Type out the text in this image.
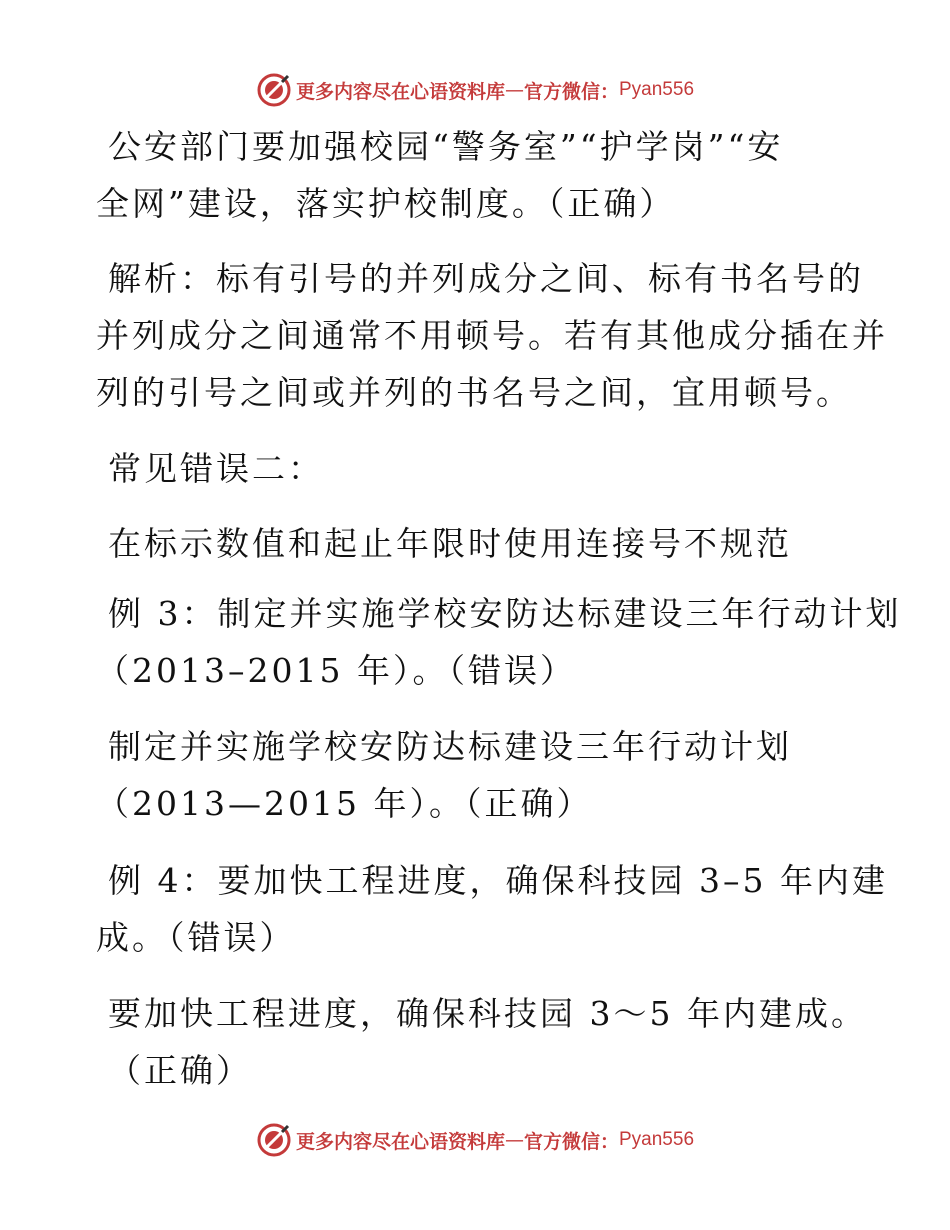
更多内容尽在心语资料库 — 官方微信： Pyan556
公安部门要加强校园“警务室”“护学岗”“安
全网”建设，落实护校制度。（正确）
解析：标有引号的并列成分之间、标有书名号的
并列成分之间通常不用顿号。若有其他成分插在并
列的引号之间或并列的书名号之间，宜用顿号。
常见错误二：
在标示数值和起止年限时使用连接号不规范
例 3：制定并实施学校安防达标建设三年行动计划
（2013–2015 年）。（错误）
制定并实施学校安防达标建设三年行动计划
（2013—2015 年）。（正确）
例 4：要加快工程进度，确保科技园 3–5 年内建
成。（错误）
要加快工程进度，确保科技园 3～5 年内建成。
（正确）
更多内容尽在心语资料库 — 官方微信： Pyan556
